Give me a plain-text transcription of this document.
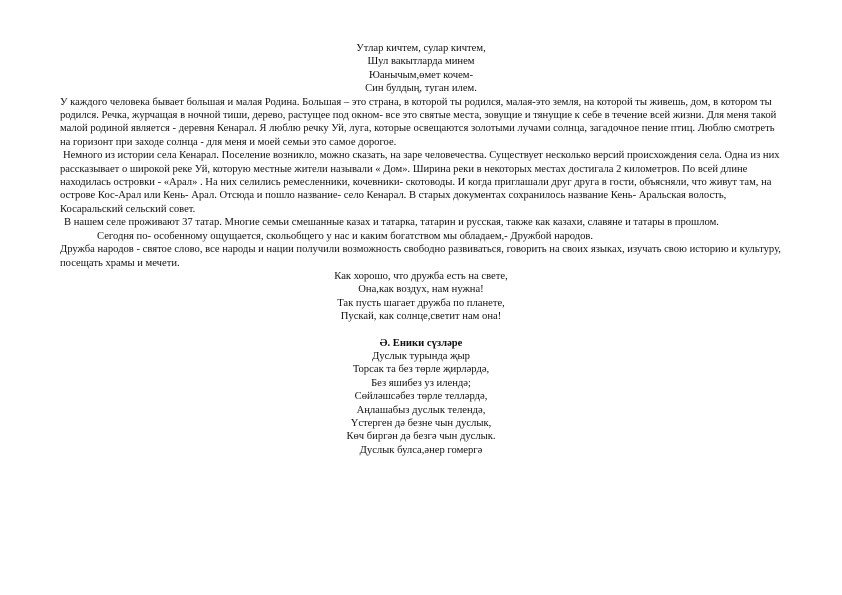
Утлар кичтем, сулар кичтем,
Шул вакытларда минем
Юанычым,өмет кочем-
Син булдың, туган илем.

У каждого человека бывает большая и малая Родина. Большая – это страна, в которой ты родился, малая-это земля, на которой ты живешь, дом, в котором ты родился. Речка, журчащая в ночной тиши, дерево, растущее под окном- все это святые места, зовущие и тянущие к себе в течение всей жизни. Для меня такой малой родиной является - деревня Кенарал. Я люблю речку Уй, луга, которые освещаются золотыми лучами солнца, загадочное пение птиц. Люблю смотреть на горизонт при заходе солнца - для меня и моей семьи это самое дорогое.

Немного из истории села Кенарал. Поселение возникло, можно сказать, на заре человечества. Существует несколько версий происхождения села. Одна из них рассказывает о широкой реке Уй, которую местные жители называли « Дом». Ширина реки в некоторых местах достигала 2 километров. По всей длине находилась островки - «Арал» . На них селились ремесленники, кочевники- скотоводы. И когда приглашали друг друга в гости, объясняли, что живут там, на острове Кос-Арал или Кень- Арал. Отсюда и пошло название- село Кенарал. В старых документах сохранилось название Кень- Аральская волость, Косаральский сельский совет.

В нашем селе проживают 37 татар. Многие семьи смешанные казах и татарка, татарин и русская, также как казахи, славяне и татары в прошлом.

Сегодня по- особенному ощущается, скольобщего у нас и каким богатством мы обладаем,- Дружбой народов.

Дружба народов - святое слово, все народы и нации получили возможность свободно развиваться, говорить на своих языках, изучать свою историю и культуру, посещать храмы и мечети.

Как хорошо, что дружба есть на свете,
Она,как воздух, нам нужна!
Так пусть шагает дружба по планете,
Пускай, как солнце,светит нам она!
Ә. Еники сүзләре
Дуслык турында җыр
Торсак та без төрле җирләрдә,
Без яшибез уз илендә;
Сөйләшсәбез төрле телләрдә,
Аңлашабыз дуслык телендә,
Үстерген дә безне чын дуслык,
Көч биргән дә безгә чын дуслык.
Дуслык булса,әнер гомергә
